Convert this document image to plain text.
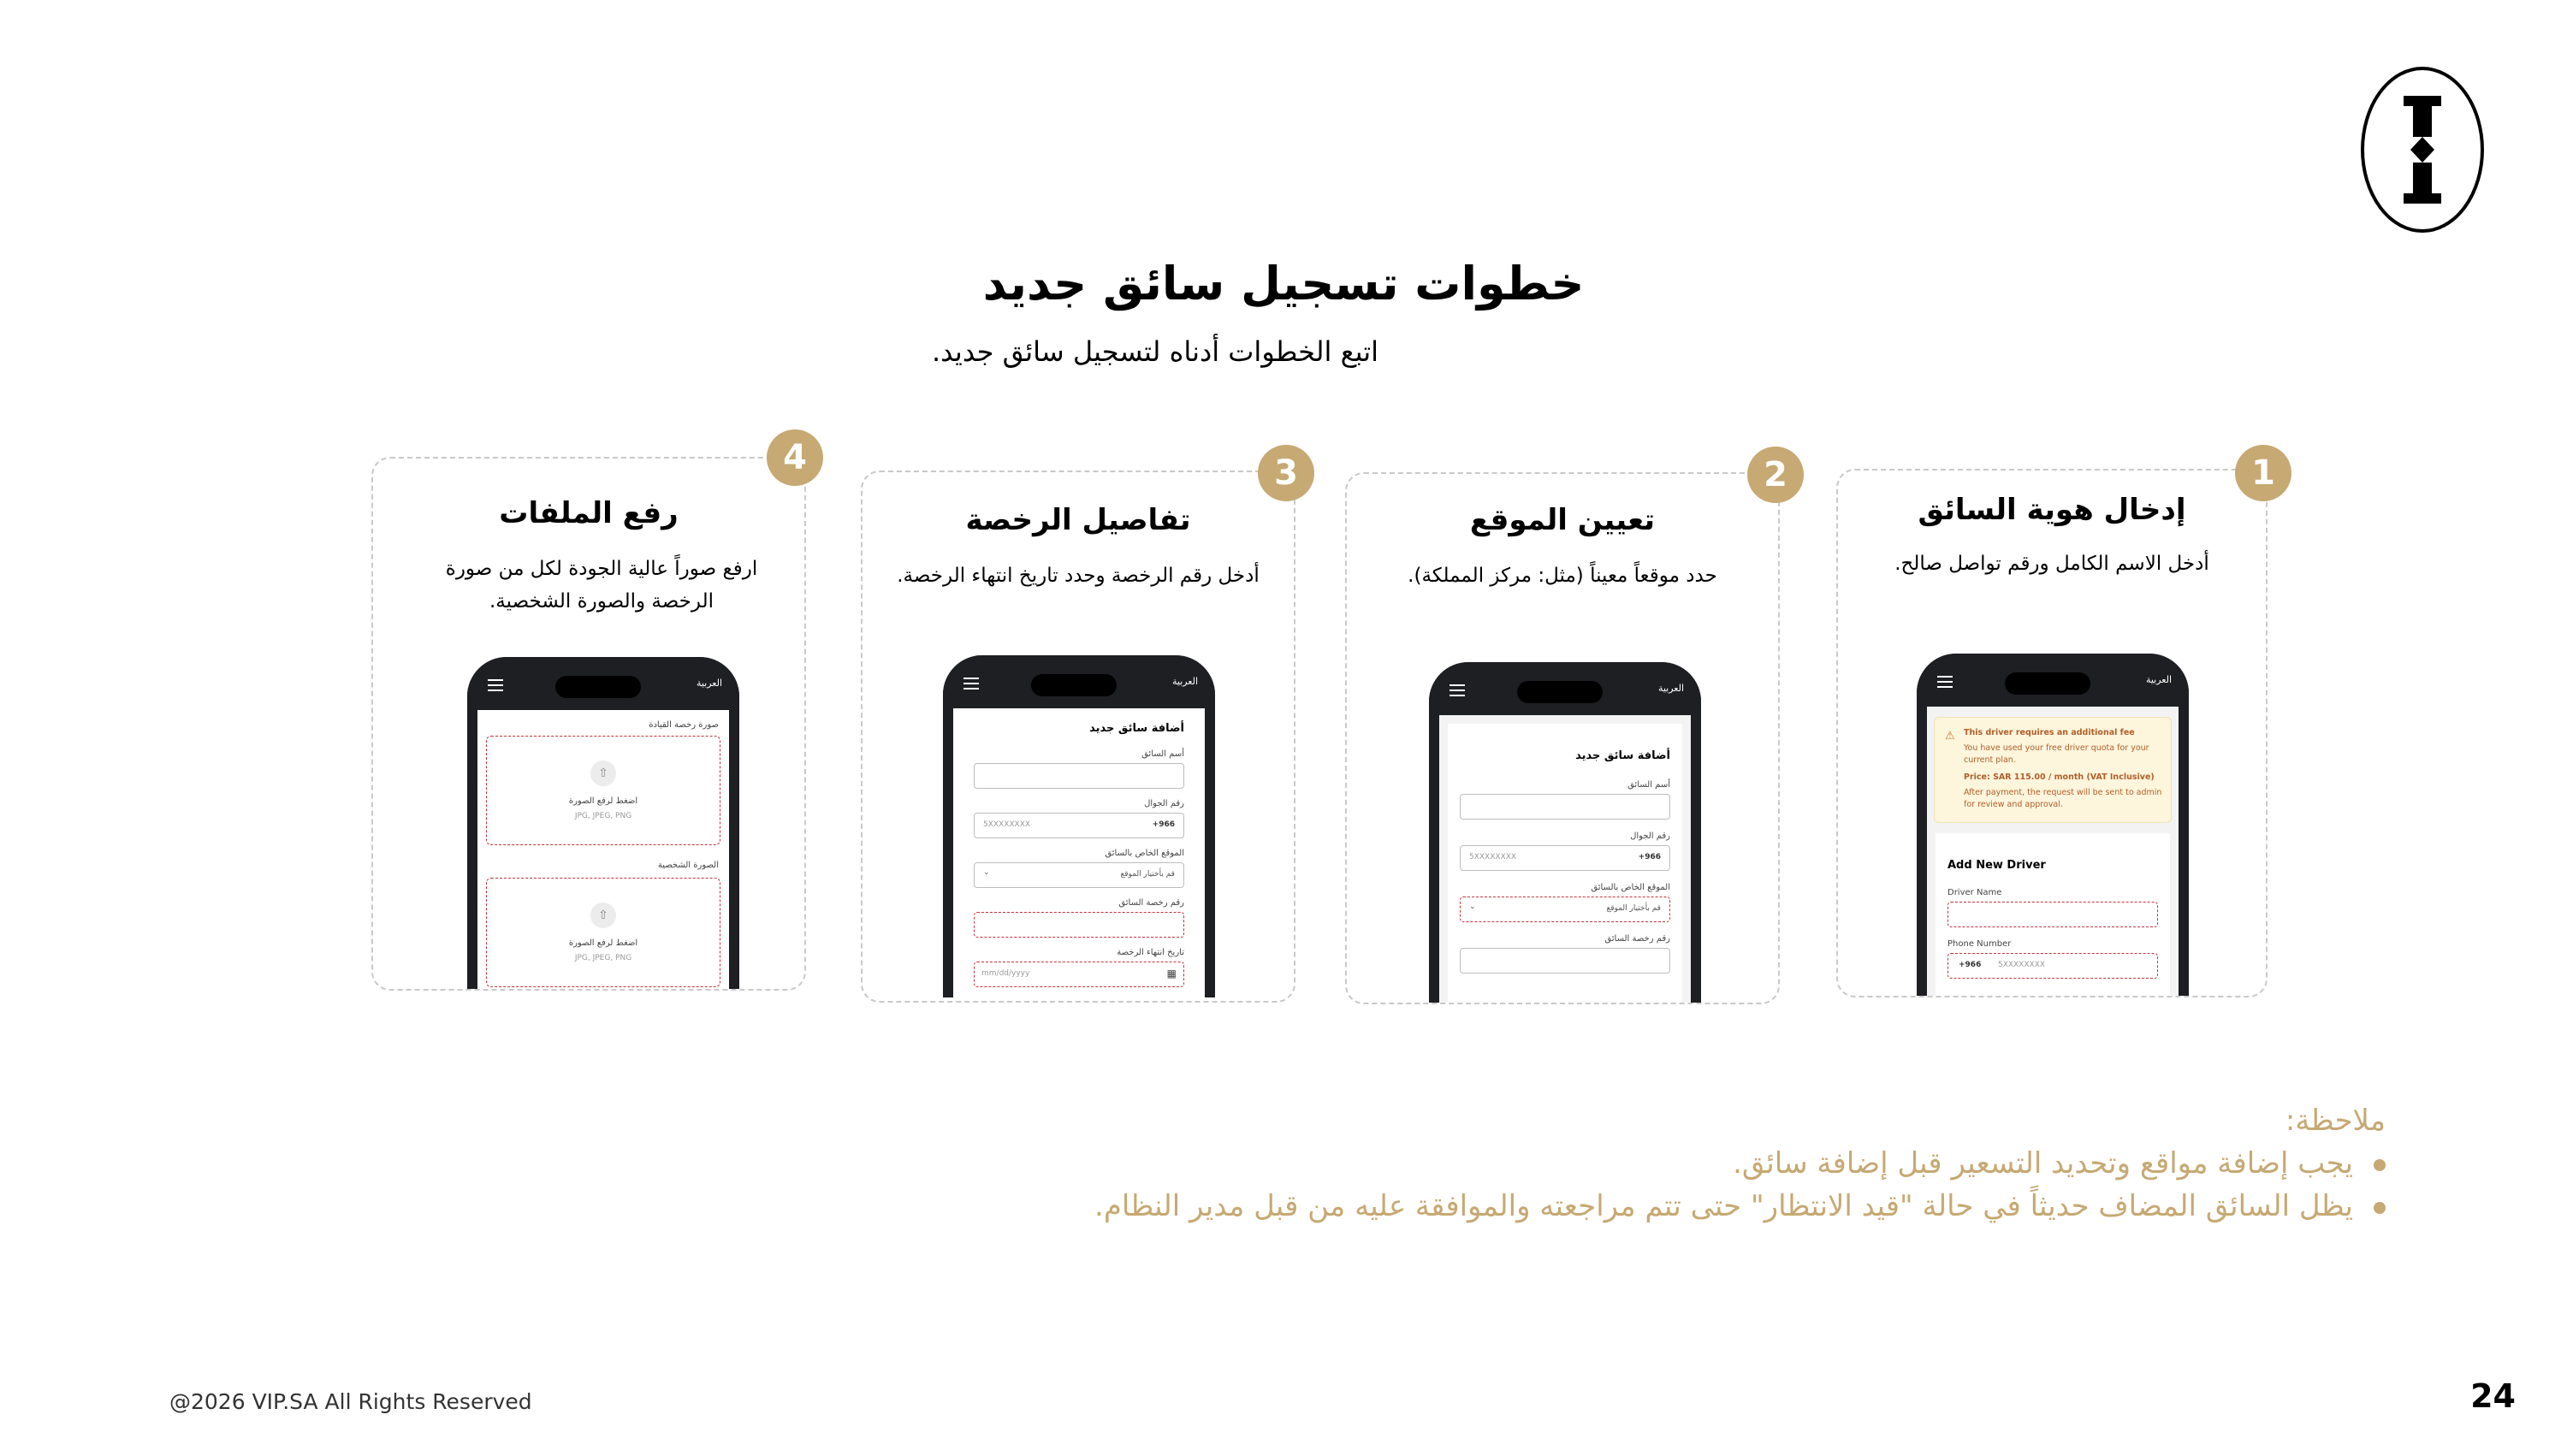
خطوات تسجيل سائق جديد
اتبع الخطوات أدناه لتسجيل سائق جديد.
إدخال هوية السائق
أدخل الاسم الكامل ورقم تواصل صالح.
العربية
⚠ This driver requires an additional fee
You have used your free driver quota for your
current plan.
Price: SAR 115.00 / month (VAT Inclusive)
After payment, the request will be sent to admin
for review and approval.
Add New Driver
Driver Name
Phone Number
+966 5XXXXXXXX
1
تعيين الموقع
حدد موقعاً معيناً (مثل: مركز المملكة).
العربية
أضافة سائق جديد
أسم السائق
رقم الجوال
5XXXXXXXX	+966
الموقع الخاص بالسائق
⌄	قم بأختيار الموقع
رقم رخصة السائق
2
تفاصيل الرخصة
أدخل رقم الرخصة وحدد تاريخ انتهاء الرخصة.
العربية
أضافة سائق جديد
أسم السائق
رقم الجوال
5XXXXXXXX	+966
الموقع الخاص بالسائق
⌄	قم بأختيار الموقع
رقم رخصة السائق
تاريخ انتهاء الرخصة
mm/dd/yyyy	▦
3
رفع الملفات
ارفع صوراً عالية الجودة لكل من صورة الرخصة والصورة الشخصية.
العربية
صورة رخصة القيادة
⇧
اضغط لرفع الصورة
JPG, JPEG, PNG
الصورة الشخصية
⇧
اضغط لرفع الصورة
JPG, JPEG, PNG
4
ملاحظة:
يجب إضافة مواقع وتحديد التسعير قبل إضافة سائق.
يظل السائق المضاف حديثاً في حالة "قيد الانتظار" حتى تتم مراجعته والموافقة عليه من قبل مدير النظام.
@2026 VIP.SA All Rights Reserved	24
